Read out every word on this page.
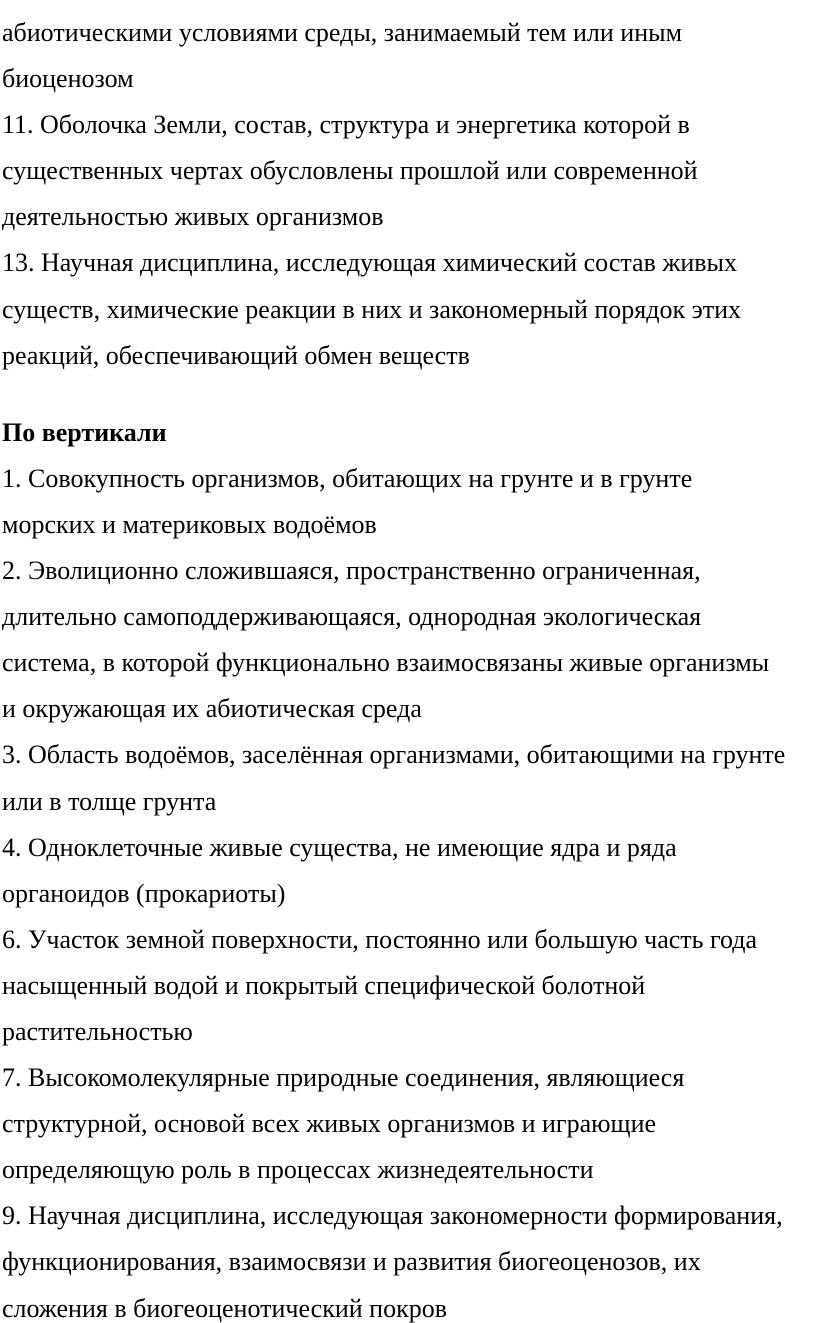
абиотическими условиями среды, занимаемый тем или иным
биоценозом
11. Оболочка Земли, состав, структура и энергетика которой в
существенных чертах обусловлены прошлой или современной
деятельностью живых организмов
13. Научная дисциплина, исследующая химический состав живых
существ, химические реакции в них и закономерный порядок этих
реакций, обеспечивающий обмен веществ
По вертикали
1. Совокупность организмов, обитающих на грунте и в грунте
морских и материковых водоёмов
2. Эволиционно сложившаяся, пространственно ограниченная,
длительно самоподдерживающаяся, однородная экологическая
система, в которой функционально взаимосвязаны живые организмы
и окружающая их абиотическая среда
3. Область водоёмов, заселённая организмами, обитающими на грунте
или в толще грунта
4. Одноклеточные живые существа, не имеющие ядра и ряда
органоидов (прокариоты)
6. Участок земной поверхности, постоянно или большую часть года
насыщенный водой и покрытый специфической болотной
растительностью
7. Высокомолекулярные природные соединения, являющиеся
структурной, основой всех живых организмов и играющие
определяющую роль в процессах жизнедеятельности
9. Научная дисциплина, исследующая закономерности формирования,
функционирования, взаимосвязи и развития биогеоценозов, их
сложения в биогеоценотический покров
